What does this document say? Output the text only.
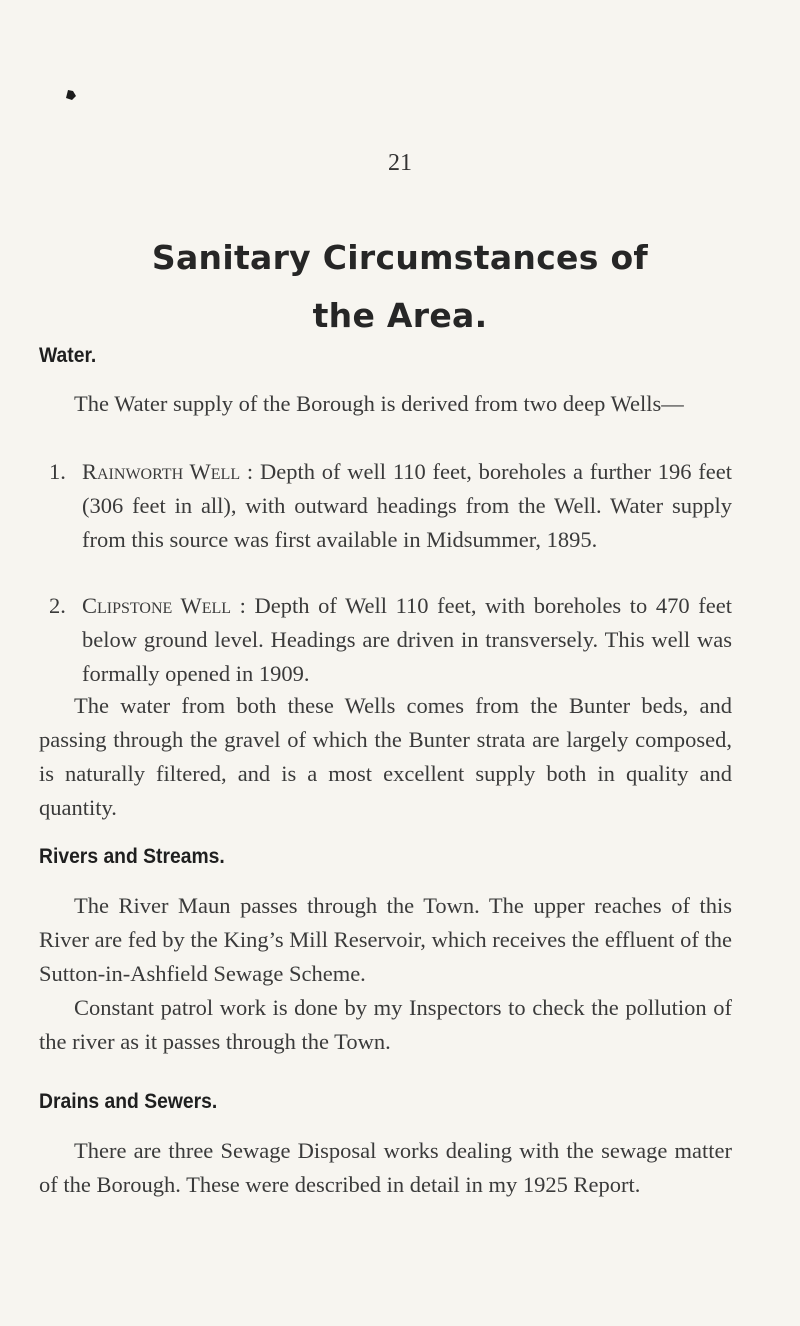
21
Sanitary Circumstances of
the Area.
Water.

The Water supply of the Borough is derived from two deep Wells—

1. Rainworth Well : Depth of well 110 feet, boreholes a further 196 feet (306 feet in all), with outward headings from the Well. Water supply from this source was first available in Midsummer, 1895.
2. Clipstone Well : Depth of Well 110 feet, with boreholes to 470 feet below ground level. Headings are driven in transversely. This well was formally opened in 1909.

The water from both these Wells comes from the Bunter beds, and passing through the gravel of which the Bunter strata are largely composed, is naturally filtered, and is a most excellent supply both in quality and quantity.

Rivers and Streams.

The River Maun passes through the Town. The upper reaches of this River are fed by the King’s Mill Reservoir, which receives the effluent of the Sutton-in-Ashfield Sewage Scheme.

Constant patrol work is done by my Inspectors to check the pollution of the river as it passes through the Town.

Drains and Sewers.

There are three Sewage Disposal works dealing with the sewage matter of the Borough. These were described in detail in my 1925 Report.
